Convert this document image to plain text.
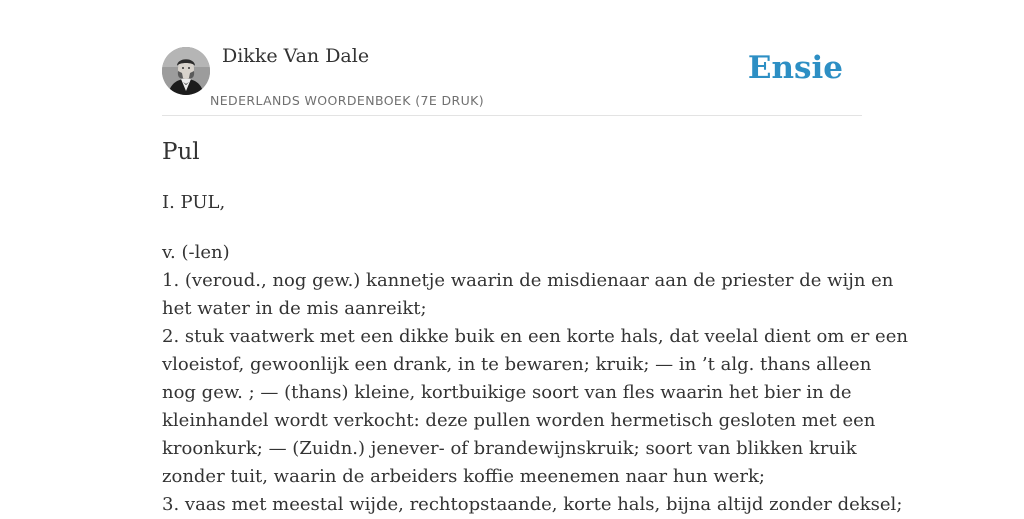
Dikke Van Dale
NEDERLANDS WOORDENBOEK (7E DRUK)
Ensie
Pul

I. PUL,

v. (-len)
1. (veroud., nog gew.) kannetje waarin de misdienaar aan de priester de wijn en
het water in de mis aanreikt;
2. stuk vaatwerk met een dikke buik en een korte hals, dat veelal dient om er een
vloeistof, gewoonlijk een drank, in te bewaren; kruik; — in ’t alg. thans alleen
nog gew. ; — (thans) kleine, kortbuikige soort van fles waarin het bier in de
kleinhandel wordt verkocht: deze pullen worden hermetisch gesloten met een
kroonkurk; — (Zuidn.) jenever- of brandewijnskruik; soort van blikken kruik
zonder tuit, waarin de arbeiders koffie meenemen naar hun werk;
3. vaas met meestal wijde, rechtopstaande, korte hals, bijna altijd zonder deksel;
